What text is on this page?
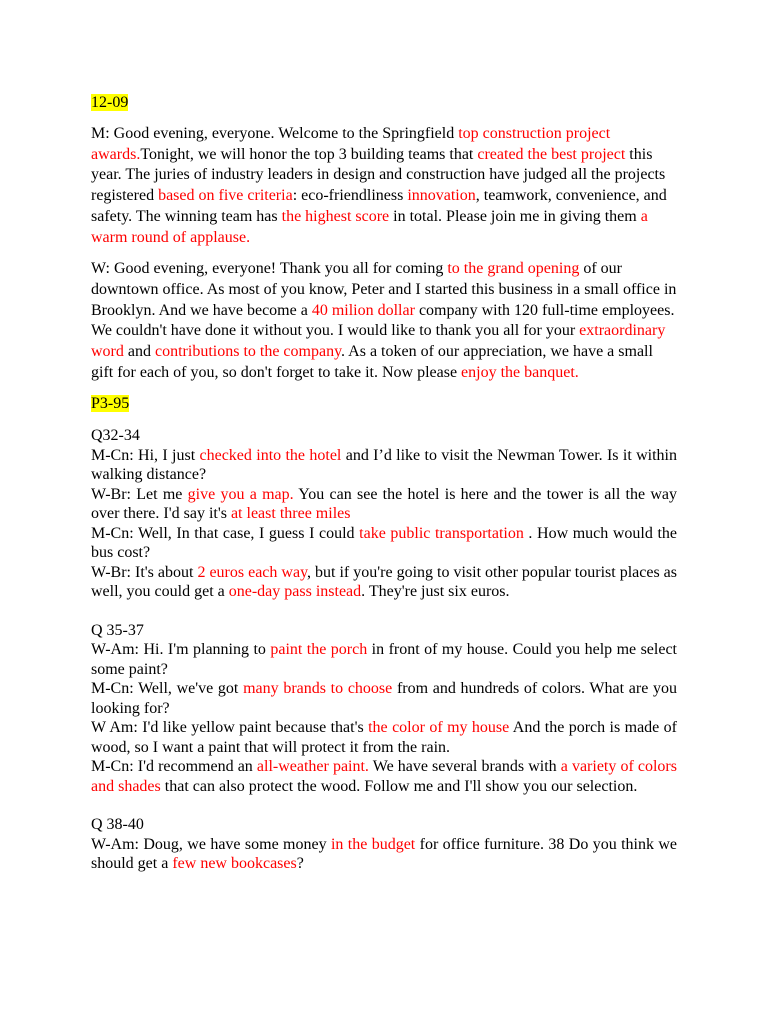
12-09

M: Good evening, everyone. Welcome to the Springfield top construction project awards.Tonight, we will honor the top 3 building teams that created the best project this year. The juries of industry leaders in design and construction have judged all the projects registered based on five criteria: eco-friendliness innovation, teamwork, convenience, and safety. The winning team has the highest score in total. Please join me in giving them a warm round of applause.

W: Good evening, everyone! Thank you all for coming to the grand opening of our downtown office. As most of you know, Peter and I started this business in a small office in Brooklyn. And we have become a 40 milion dollar company with 120 full-time employees. We couldn't have done it without you. I would like to thank you all for your extraordinary word and contributions to the company. As a token of our appreciation, we have a small gift for each of you, so don't forget to take it. Now please enjoy the banquet.

P3-95

Q32-34

M-Cn: Hi, I just checked into the hotel and I’d like to visit the Newman Tower. Is it within walking distance?

W-Br: Let me give you a map. You can see the hotel is here and the tower is all the way over there. I'd say it's at least three miles

M-Cn: Well, In that case, I guess I could take public transportation . How much would the bus cost?

W-Br: It's about 2 euros each way, but if you're going to visit other popular tourist places as well, you could get a one-day pass instead. They're just six euros.

Q 35-37

W-Am: Hi. I'm planning to paint the porch in front of my house. Could you help me select some paint?

M-Cn: Well, we've got many brands to choose from and hundreds of colors. What are you looking for?

W Am: I'd like yellow paint because that's the color of my house And the porch is made of wood, so I want a paint that will protect it from the rain.

M-Cn: I'd recommend an all-weather paint. We have several brands with a variety of colors and shades that can also protect the wood. Follow me and I'll show you our selection.

Q 38-40

W-Am: Doug, we have some money in the budget for office furniture. 38 Do you think we should get a few new bookcases?
